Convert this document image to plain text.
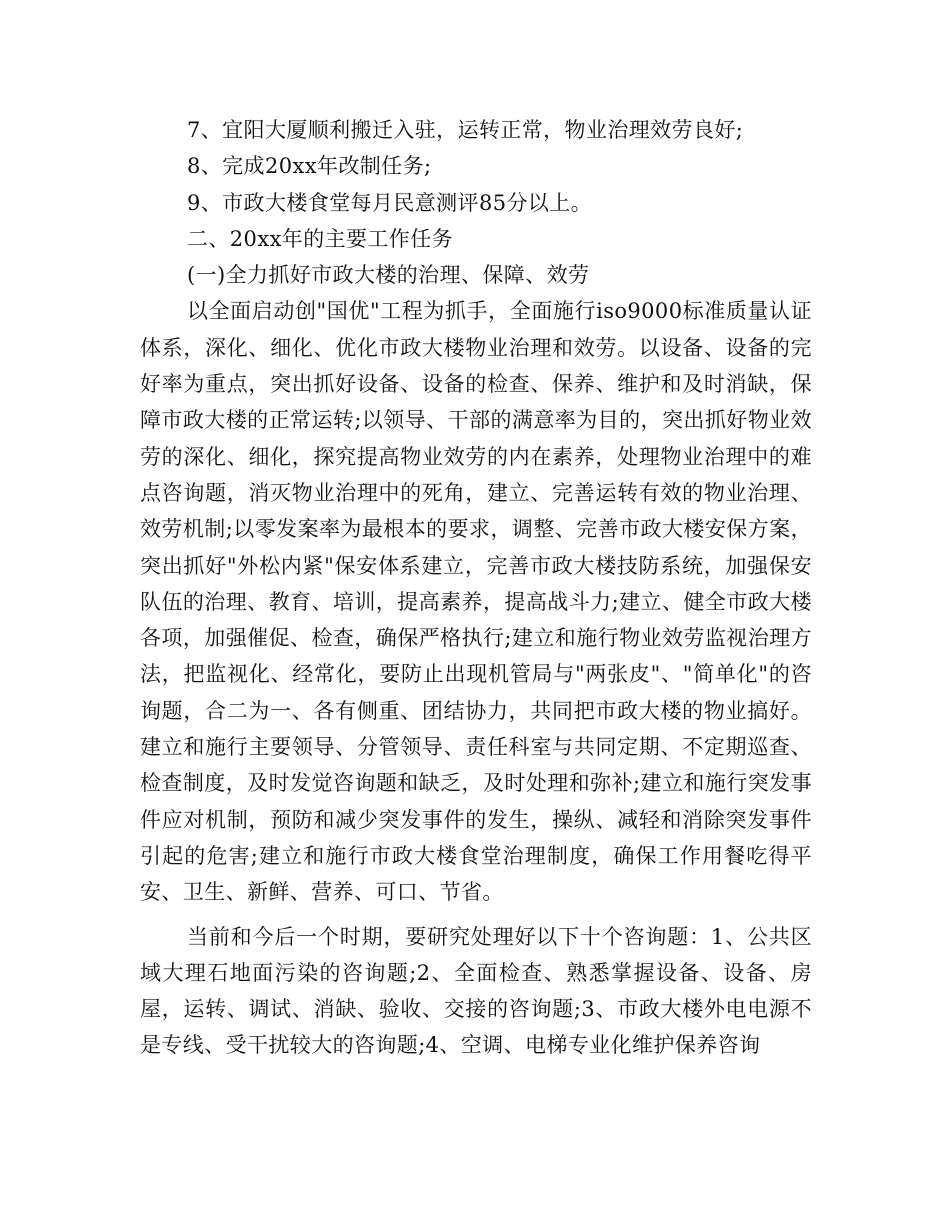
7、宜阳大厦顺利搬迁入驻，运转正常，物业治理效劳良好;

8、完成20xx年改制任务;

9、市政大楼食堂每月民意测评85分以上。

二、20xx年的主要工作任务

(一)全力抓好市政大楼的治理、保障、效劳

以全面启动创"国优"工程为抓手，全面施行iso9000标准质量认证体系，深化、细化、优化市政大楼物业治理和效劳。以设备、设备的完好率为重点，突出抓好设备、设备的检查、保养、维护和及时消缺，保障市政大楼的正常运转;以领导、干部的满意率为目的，突出抓好物业效劳的深化、细化，探究提高物业效劳的内在素养，处理物业治理中的难点咨询题，消灭物业治理中的死角，建立、完善运转有效的物业治理、效劳机制;以零发案率为最根本的要求，调整、完善市政大楼安保方案，突出抓好"外松内紧"保安体系建立，完善市政大楼技防系统，加强保安队伍的治理、教育、培训，提高素养，提高战斗力;建立、健全市政大楼各项，加强催促、检查，确保严格执行;建立和施行物业效劳监视治理方法，把监视化、经常化，要防止出现机管局与"两张皮"、"简单化"的咨询题，合二为一、各有侧重、团结协力，共同把市政大楼的物业搞好。建立和施行主要领导、分管领导、责任科室与共同定期、不定期巡查、检查制度，及时发觉咨询题和缺乏，及时处理和弥补;建立和施行突发事件应对机制，预防和减少突发事件的发生，操纵、减轻和消除突发事件引起的危害;建立和施行市政大楼食堂治理制度，确保工作用餐吃得平安、卫生、新鲜、营养、可口、节省。

当前和今后一个时期，要研究处理好以下十个咨询题：1、公共区域大理石地面污染的咨询题;2、全面检查、熟悉掌握设备、设备、房屋，运转、调试、消缺、验收、交接的咨询题;3、市政大楼外电电源不是专线、受干扰较大的咨询题;4、空调、电梯专业化维护保养咨询
